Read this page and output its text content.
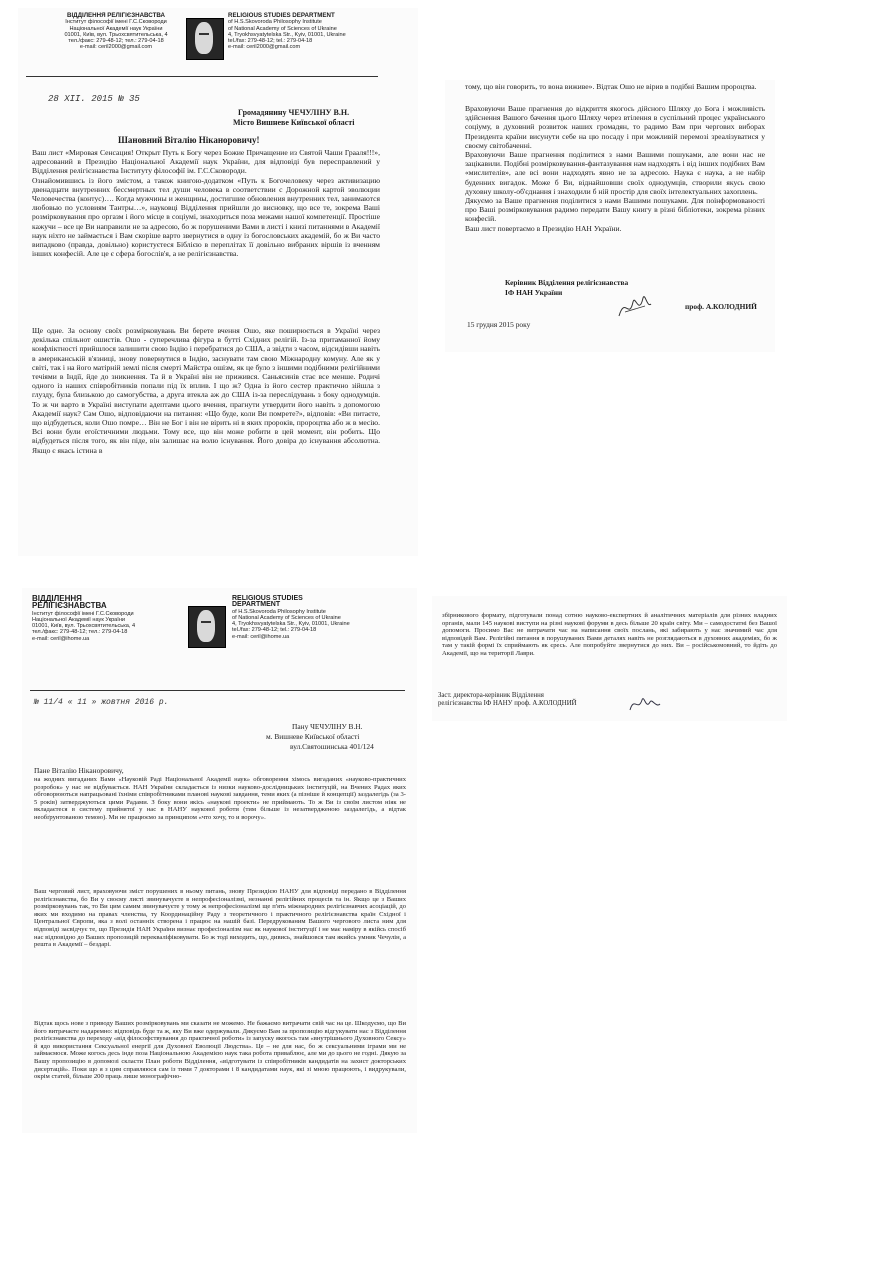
ВІДДІЛЕННЯ РЕЛІГІЄЗНАВСТВА
Інститут філософії імені Г.С.Сковороди
Національної Академії наук України
01001, Київ, вул. Трьохсвятительська, 4
тел./факс: 279-48-12; тел.: 279-04-18
e-mail: ceril2000@gmail.com
RELIGIOUS STUDIES DEPARTMENT
of H.S.Skovoroda Philosophy Institute
of National Academy of Sciences of Ukraine
4, Tryokhsvyatytelska Str., Kyiv, 01001, Ukraine
tel./fax: 279-48-12; tel.: 279-04-18
e-mail: ceril2000@gmail.com
28 XII. 2015 № 35
Громадянину ЧЕЧУЛІНУ В.Н.
Місто Вишневе Київської області
Шановний Віталію Ніканоровичу!
Ваш лист «Мировая Сенсация! Открыт Путь к Богу через Божие Причащение из Святой Чаши Грааля!!!», адресований в Президію Національної Академії наук України, для відповіді був пересправлений у Відділення релігієзнавства Інституту філософії ім. Г.С.Сковороди.
Ознайомившись із його змістом, а також книгою-додатком «Путь к Богочеловеку через активизацию двенадцати внутренних бессмертных тел души человека в соответствии с Дорожной картой эволюции Человечества (контус)…. Когда мужчины и женщины, достигшие обновления внутренних тел, занимаются любовью по условиям Тантры…», науковці Відділення прийшли до висновку, що все те, зокрема Ваші розмірковування про оргазм і його місце в соціумі, знаходиться поза межами нашої компетенції. Простіше кажучи – все це Ви направили не за адресою, бо ж порушеними Вами в листі і книзі питаннями в Академії наук ніхто не займається і Вам скоріше варто звернутися в одну із богословських академій, бо ж Ви часто випадково (правда, довільно) користуєтеся Біблією в переплітах її довільно вибраних віршів із вченням інших конфесій. Але це є сфера богослів'я, а не релігієзнавства.
Ще одне. За основу своїх розмірковувань Ви берете вчення Ошо, яке поширюється в Україні через декілька спільнот ошистів. Ошо - суперечлива фігура в бутті Східних релігій. Із-за притаманної йому конфліктності прийшлося залишити свою Індію і перебратися до США, а звідти з часом, відсидівши навіть в американській в'язниці, знову повернутися в Індію, заснувати там свою Міжнародну комуну. Але як у світі, так і на його матірній землі після смерті Майстра ошізм, як це було з іншими подібними релігійними течіями в Індії, йде до зникнення. Та й в Україні він не прижився. Саньясинів стає все менше. Родичі одного із наших співробітників попали під їх вплив. І що ж? Одна із його сестер практично зійшла з глузду, була близькою до самогубства, а друга втекла аж до США із-за переслідувань з боку однодумців. То ж чи варто в Україні виступати адептами цього вчення, прагнути утвердити його навіть з допомогою Академії наук? Сам Ошо, відповідаючи на питання: «Що буде, коли Ви помрете?», відповів: «Ви питаєте, що відбудеться, коли Ошо помре… Він не Бог і він не вірить ні в яких пророків, пророцтва або ж в месію. Всі вони були егоїстичними людьми. Тому все, що він може робити в цей момент, він робить. Що відбудеться після того, як він піде, він залишає на волю існування. Його довіра до існування абсолютна. Якщо є якась істина в
тому, що він говорить, то вона виживе». Відтак Ошо не вірив в подібні Вашим пророцтва.
Враховуючи Ваше прагнення до відкриття якогось дійсного Шляху до Бога і можливість здійснення Вашого бачення цього Шляху через втілення в суспільний процес українського соціуму, в духовний розвиток наших громадян, то радимо Вам при чергових виборах Президента країни висунути себе на цю посаду і при можливій перемозі зреалізуватися у своєму світобаченні.
Враховуючи Ваше прагнення поділитися з нами Вашими пошуками, але вони нас не зацікавили. Подібні розмірковування-фантазування нам надходять і від інших подібних Вам «мислителів», але всі вони надходять явно не за адресою. Наука є наука, а не набір буденних вигадок. Може б Ви, віднайшовши своїх однодумців, створили якусь свою духовну школу-об'єднання і знаходили б ній простір для своїх інтелектуальних захоплень.
Дякуємо за Ваше прагнення поділитися з нами Вашими пошуками. Для поінформованості про Ваші розмірковування радимо передати Вашу книгу в різні бібліотеки, зокрема різних конфесій.
Ваш лист повертаємо в Президію НАН України.
Керівник Відділення релігієзнавства
ІФ НАН України
проф. А.КОЛОДНИЙ
15 грудня 2015 року
ВІДДІЛЕННЯ
РЕЛІГІЄЗНАВСТВА
Інститут філософії імені Г.С.Сковороди
Національної Академії наук України
01001, Київ, вул. Трьохсвятительська, 4
тел./факс: 279-48-12; тел.: 279-04-18
e-mail: ceril@ihome.ua
RELIGIOUS STUDIES
DEPARTMENT
of H.S.Skovoroda Philosophy Institute
of National Academy of Sciences of Ukraine
4, Tryokhsvyatytelska Str., Kyiv, 01001, Ukraine
tel./fax: 279-48-12; tel.: 279-04-18
e-mail: ceril@ihome.ua
№ 11/4 « 11 » жовтня 2016 р.
Пану ЧЕЧУЛІНУ В.Н.
м. Вишневе Київської області
вул.Святошинська 401/124
Пане Віталію Ніканоровичу,
на жодних вигаданих Вами «Науковій Раді Національної Академії наук» обговорення хімось вигаданих «науково-практичних розробок» у нас не відбувається. НАН України складається із низки науково-дослідницьких інституцій, на Вчених Радах яких обговорюються напрацьовані їхніми співробітниками планові наукові завдання, теми яких (а пізніше й концепції) заздалегідь (за 3-5 років) затверджуються цими Радами. З боку вони якісь «наукові проекти» не приймають. То ж Ви із своїм листом ніяк не вкладаєтеся в систему прийнятої у нас в НАНУ наукової роботи (тим більше із незатвердженою заздалегідь, а відтак необґрунтованою темою). Ми не працюємо за принципом «что хочу, то и ворочу».
Ваш черговий лист, враховуючи зміст порушених в ньому питань, знову Президією НАНУ для відповіді передано в Відділення релігієзнавства, бо Ви у своєму листі звинувачуєте в непрофесіоналізмі, незнанні релігійних процесів та ін. Якщо це з Ваших розмірковувань так, то Ви цим самим звинувачуєте у тому ж непрофесіоналізмі ще п'ять міжнародних релігієзнавчих асоціацій, до яких ми входимо на правах членства, ту Координаційну Раду з теоретичного і практичного релігієзнавства країн Східної і Центральної Європи, яка з волі останніх створена і працює на нашій базі. Передрукованим Вашого чергового листа ним для відповіді засвідчує те, що Президія НАН України визнає професіоналізм нас як наукової інституції і не має наміру в якійсь спосіб нас відповідно до Ваших пропозицій перекваліфіковувати. Бо ж тоді виходить, що, дивись, знайшовся там якийсь умник Чечулін, а решта в Академії – бездарі.
Відтак щось нове з приводу Ваших розмірковувань ми сказати не можемо. Не бажаємо витрачати свій час на це. Шкодуємо, що Ви його витрачаєте надаремно: відповідь буде та ж, яку Ви вже одержували. Дякуємо Вам за пропозицію відгукувати нас з Відділення релігієзнавства до переходу «від філософствування до практичної роботи» із запуску якогось там «внутрішнього Духовного Сексу» й ядо використання Сексуальної енергії для Духовної Еволюції Людства». Це – не для нас, бо ж сексуальними іграми ми не займаємося. Може когось десь інде поза Національною Академією наук така робота приваблює, але ми до цього не годні. Дякую за Вашу пропозицію в допомозі скласти План роботи Відділення, «відготувати із співробітників кандидатів на захист докторських дисертацій». Поки що я з цим справляюся сам із тими 7 докторами і 8 кандидатами наук, які зі мною працюють, і видрукували, окрім статей, більше 200 праць лише монографічно-
збірникового формату, підготували понад сотню науково-експертних й аналітичних матеріалів для різних владних органів, мали 145 наукові виступи на різні наукові форуми в десь більше 20 країн світу. Ми – самодостатні без Вашої допомоги. Просимо Вас не витрачати час на написання своїх послань, які забирають у нас значимий час для відповідей Вам. Релігійні питання в порушуваних Вами деталях навіть не розглядаються в духовних академіях, бо ж там у такій формі їх сприймають як єресь. Але попробуйте звернутися до них. Ви – російськомовний, то йдіть до Академії, що на території Лаври.
Заст. директора-керівник Відділення
релігієзнавства ІФ НАНУ проф. А.КОЛОДНИЙ
